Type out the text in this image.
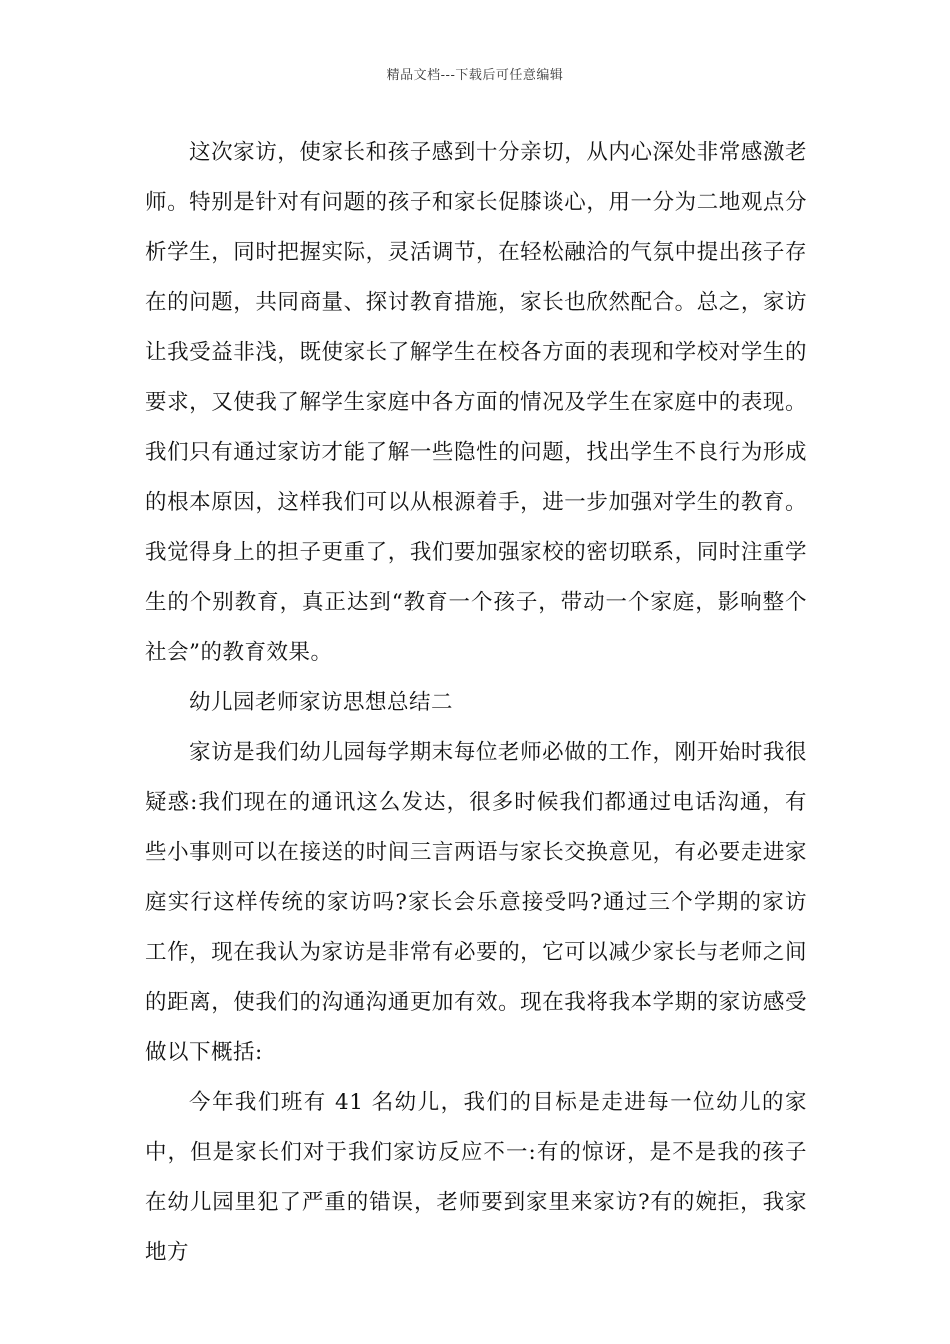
精品文档---下载后可任意编辑

这次家访，使家长和孩子感到十分亲切，从内心深处非常感激老师。特别是针对有问题的孩子和家长促膝谈心，用一分为二地观点分析学生，同时把握实际，灵活调节，在轻松融洽的气氛中提出孩子存在的问题，共同商量、探讨教育措施，家长也欣然配合。总之，家访让我受益非浅，既使家长了解学生在校各方面的表现和学校对学生的要求，又使我了解学生家庭中各方面的情况及学生在家庭中的表现。我们只有通过家访才能了解一些隐性的问题，找出学生不良行为形成的根本原因，这样我们可以从根源着手，进一步加强对学生的教育。我觉得身上的担子更重了，我们要加强家校的密切联系，同时注重学生的个别教育，真正达到“教育一个孩子，带动一个家庭，影响整个社会”的教育效果。

幼儿园老师家访思想总结二

家访是我们幼儿园每学期末每位老师必做的工作，刚开始时我很疑惑:我们现在的通讯这么发达，很多时候我们都通过电话沟通，有些小事则可以在接送的时间三言两语与家长交换意见，有必要走进家庭实行这样传统的家访吗?家长会乐意接受吗?通过三个学期的家访工作，现在我认为家访是非常有必要的，它可以减少家长与老师之间的距离，使我们的沟通沟通更加有效。现在我将我本学期的家访感受做以下概括:

今年我们班有 41 名幼儿，我们的目标是走进每一位幼儿的家中，但是家长们对于我们家访反应不一:有的惊讶，是不是我的孩子在幼儿园里犯了严重的错误，老师要到家里来家访?有的婉拒，我家地方
